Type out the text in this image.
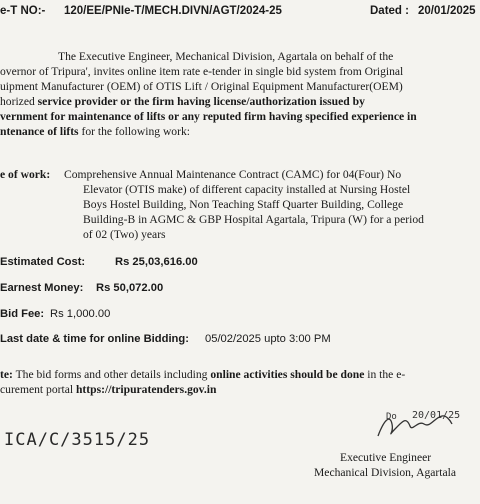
e-T NO:- 120/EE/PNIe-T/MECH.DIVN/AGT/2024-25	Dated : 20/01/2025
The Executive Engineer, Mechanical Division, Agartala on behalf of the
overnor of Tripura', invites online item rate e-tender in single bid system from Original
uipment Manufacturer (OEM) of OTIS Lift / Original Equipment Manufacturer(OEM)
horized service provider or the firm having license/authorization issued by
vernment for maintenance of lifts or any reputed firm having specified experience in
ntenance of lifts for the following work:
e of work: Comprehensive Annual Maintenance Contract (CAMC) for 04(Four) No
Elevator (OTIS make) of different capacity installed at Nursing Hostel
Boys Hostel Building, Non Teaching Staff Quarter Building, College
Building-B in AGMC & GBP Hospital Agartala, Tripura (W) for a period
of 02 (Two) years
Estimated Cost:	Rs 25,03,616.00
Earnest Money: Rs 50,072.00
Bid Fee: Rs 1,000.00
Last date & time for online Bidding: 05/02/2025 upto 3:00 PM
te: The bid forms and other details including online activities should be done in the e-
curement portal https://tripuratenders.gov.in
ICA/C/3515/25
Do 20/01/25
Executive Engineer
Mechanical Division, Agartala
